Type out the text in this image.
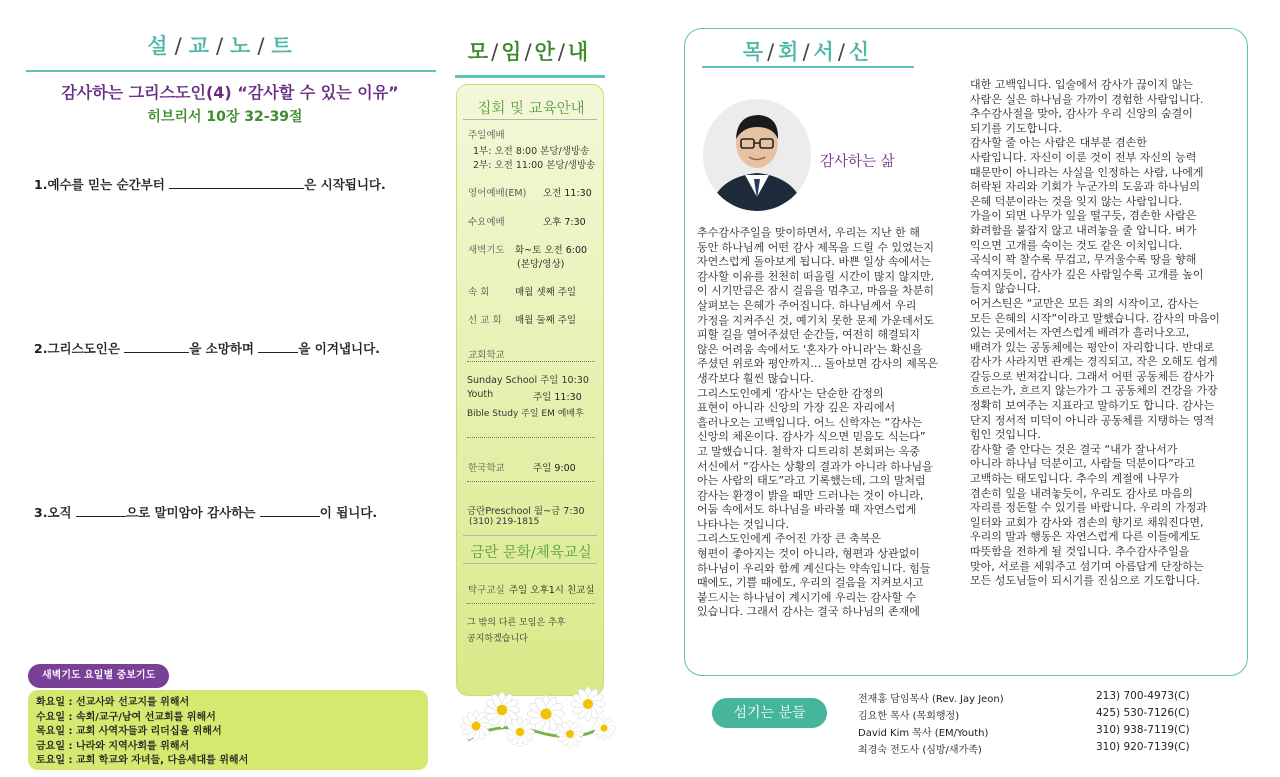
설 / 교 / 노 / 트
감사하는 그리스도인(4) “감사할 수 있는 이유”
히브리서 10장 32-39절
1.예수를 믿는 순간부터	은 시작됩니다.
2.그리스도인은	을 소망하며	을 이겨냅니다.
3.오직	으로 말미암아 감사하는	이 됩니다.
새벽기도 요일별 중보기도
화요일 : 선교사와 선교지를 위해서
수요일 : 속회/교구/남여 선교회를 위해서
목요일 : 교회 사역자들과 리더십을 위해서
금요일 : 나라와 지역사회를 위해서
토요일 : 교회 학교와 자녀들, 다음세대를 위해서
모 / 임 / 안 / 내
집회 및 교육안내
주일예배
1부: 오전 8:00 본당/생방송
2부: 오전 11:00 본당/생방송
영어예배(EM) 오전 11:30
수요예배	오후 7:30
새벽기도 화~토 오전 6:00
(본당/영상)
속 회	매월 셋째 주일
선 교 회 매월 둘째 주일
교회학교
Sunday School 주일 10:30
Youth	주일 11:30
Bible Study 주일 EM 예배후
한국학교	주일 9:00
금란Preschool 월~금 7:30
(310) 219-1815
금란 문화/체육교실
탁구교실 주일 오후1시 친교실
그 밖의 다른 모임은 추후
공지하겠습니다
목 / 회 / 서 / 신
감사하는 삶
추수감사주일을 맞이하면서, 우리는 지난 한 해
동안 하나님께 어떤 감사 제목을 드릴 수 있었는지
자연스럽게 돌아보게 됩니다. 바쁜 일상 속에서는
감사할 이유를 천천히 떠올릴 시간이 많지 않지만,
이 시기만큼은 잠시 걸음을 멈추고, 마음을 차분히
살펴보는 은혜가 주어집니다. 하나님께서 우리
가정을 지켜주신 것, 예기치 못한 문제 가운데서도
피할 길을 열어주셨던 순간들, 여전히 해결되지
않은 어려움 속에서도 '혼자가 아니라'는 확신을
주셨던 위로와 평안까지… 돌아보면 감사의 제목은
생각보다 훨씬 많습니다.
그리스도인에게 '감사'는 단순한 감정의
표현이 아니라 신앙의 가장 깊은 자리에서
흘러나오는 고백입니다. 어느 신학자는 “감사는
신앙의 체온이다. 감사가 식으면 믿음도 식는다”
고 말했습니다. 철학자 디트리히 본회퍼는 옥중
서신에서 “감사는 상황의 결과가 아니라 하나님을
아는 사람의 태도”라고 기록했는데, 그의 말처럼
감사는 환경이 밝을 때만 드러나는 것이 아니라,
어둠 속에서도 하나님을 바라볼 때 자연스럽게
나타나는 것입니다.
그리스도인에게 주어진 가장 큰 축복은
형편이 좋아지는 것이 아니라, 형편과 상관없이
하나님이 우리와 함께 계신다는 약속입니다. 힘들
때에도, 기쁠 때에도, 우리의 걸음을 지켜보시고
붙드시는 하나님이 계시기에 우리는 감사할 수
있습니다. 그래서 감사는 결국 하나님의 존재에
대한 고백입니다. 입술에서 감사가 끊이지 않는
사람은 실은 하나님을 가까이 경험한 사람입니다.
추수감사절을 맞아, 감사가 우리 신앙의 숨결이
되기를 기도합니다.
감사할 줄 아는 사람은 대부분 겸손한
사람입니다. 자신이 이룬 것이 전부 자신의 능력
때문만이 아니라는 사실을 인정하는 사람, 나에게
허락된 자리와 기회가 누군가의 도움과 하나님의
은혜 덕분이라는 것을 잊지 않는 사람입니다.
가을이 되면 나무가 잎을 떨구듯, 겸손한 사람은
화려함을 붙잡지 않고 내려놓을 줄 압니다. 벼가
익으면 고개를 숙이는 것도 같은 이치입니다.
곡식이 꽉 찰수록 무겁고, 무거울수록 땅을 향해
숙여지듯이, 감사가 깊은 사람일수록 고개를 높이
들지 않습니다.
어거스틴은 “교만은 모든 죄의 시작이고, 감사는
모든 은혜의 시작”이라고 말했습니다. 감사의 마음이
있는 곳에서는 자연스럽게 배려가 흘러나오고,
배려가 있는 공동체에는 평안이 자리합니다. 반대로
감사가 사라지면 관계는 경직되고, 작은 오해도 쉽게
갈등으로 번져갑니다. 그래서 어떤 공동체든 감사가
흐르는가, 흐르지 않는가가 그 공동체의 건강을 가장
정확히 보여주는 지표라고 말하기도 합니다. 감사는
단지 정서적 미덕이 아니라 공동체를 지탱하는 영적
힘인 것입니다.
감사할 줄 안다는 것은 결국 “내가 잘나서가
아니라 하나님 덕분이고, 사람들 덕분이다”라고
고백하는 태도입니다. 추수의 계절에 나무가
겸손히 잎을 내려놓듯이, 우리도 감사로 마음의
자리를 정돈할 수 있기를 바랍니다. 우리의 가정과
일터와 교회가 감사와 겸손의 향기로 채워진다면,
우리의 말과 행동은 자연스럽게 다른 이들에게도
따뜻함을 전하게 될 것입니다. 추수감사주일을
맞아, 서로를 세워주고 섬기며 아름답게 단장하는
모든 성도님들이 되시기를 진심으로 기도합니다.
섬기는 분들
전재홍 담임목사 (Rev. Jay Jeon)	213) 700-4973(C)
김요한 목사 (목회행정)	425) 530-7126(C)
David Kim 목사 (EM/Youth)	310) 938-7119(C)
최경숙 전도사 (심방/새가족)	310) 920-7139(C)
